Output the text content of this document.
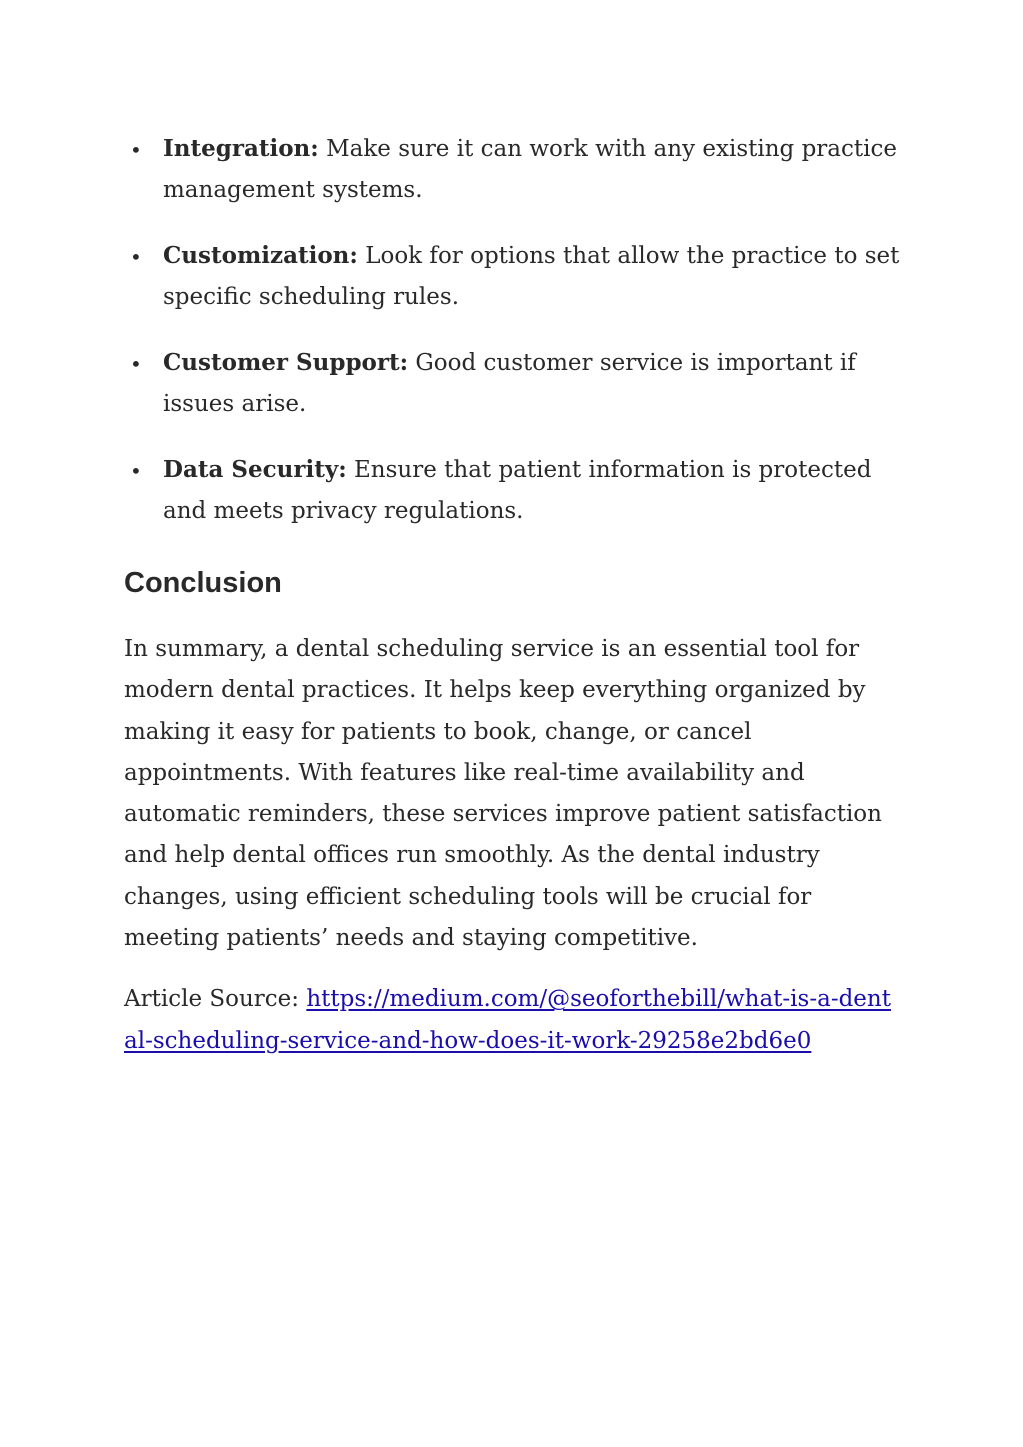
• Integration: Make sure it can work with any existing practice management systems.
• Customization: Look for options that allow the practice to set specific scheduling rules.
• Customer Support: Good customer service is important if issues arise.
• Data Security: Ensure that patient information is protected and meets privacy regulations.
Conclusion

In summary, a dental scheduling service is an essential tool for modern dental practices. It helps keep everything organized by making it easy for patients to book, change, or cancel appointments. With features like real-time availability and automatic reminders, these services improve patient satisfaction and help dental offices run smoothly. As the dental industry changes, using efficient scheduling tools will be crucial for meeting patients’ needs and staying competitive.

Article Source: https://medium.com/@seoforthebill/what-is-a-dental-scheduling-service-and-how-does-it-work-29258e2bd6e0
